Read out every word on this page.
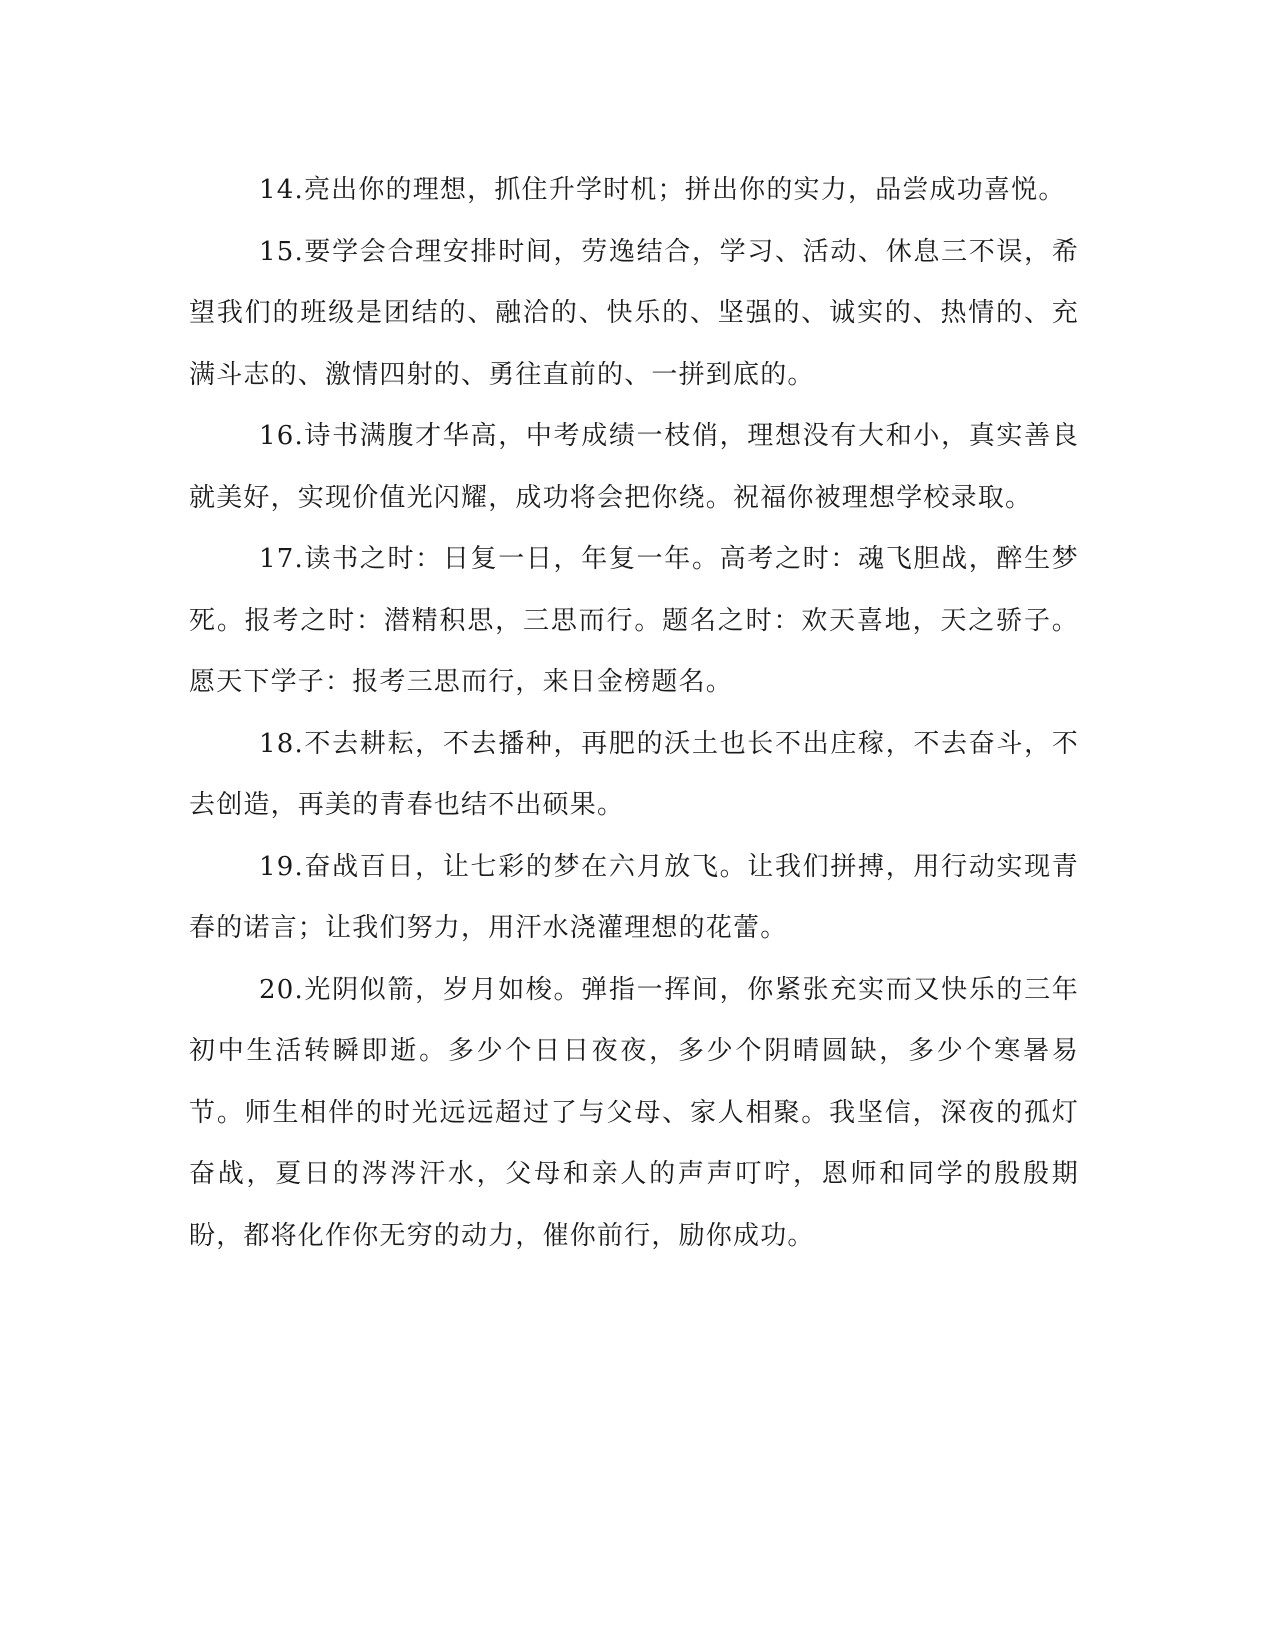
14.亮出你的理想，抓住升学时机；拼出你的实力，品尝成功喜悦。

15.要学会合理安排时间，劳逸结合，学习、活动、休息三不误，希望我们的班级是团结的、融洽的、快乐的、坚强的、诚实的、热情的、充满斗志的、激情四射的、勇往直前的、一拼到底的。

16.诗书满腹才华高，中考成绩一枝俏，理想没有大和小，真实善良就美好，实现价值光闪耀，成功将会把你绕。祝福你被理想学校录取。

17.读书之时：日复一日，年复一年。高考之时：魂飞胆战，醉生梦死。报考之时：潜精积思，三思而行。题名之时：欢天喜地，天之骄子。愿天下学子：报考三思而行，来日金榜题名。

18.不去耕耘，不去播种，再肥的沃土也长不出庄稼，不去奋斗，不去创造，再美的青春也结不出硕果。

19.奋战百日，让七彩的梦在六月放飞。让我们拼搏，用行动实现青春的诺言；让我们努力，用汗水浇灌理想的花蕾。

20.光阴似箭，岁月如梭。弹指一挥间，你紧张充实而又快乐的三年初中生活转瞬即逝。多少个日日夜夜，多少个阴晴圆缺，多少个寒暑易节。师生相伴的时光远远超过了与父母、家人相聚。我坚信，深夜的孤灯奋战，夏日的涔涔汗水，父母和亲人的声声叮咛，恩师和同学的殷殷期盼，都将化作你无穷的动力，催你前行，励你成功。
